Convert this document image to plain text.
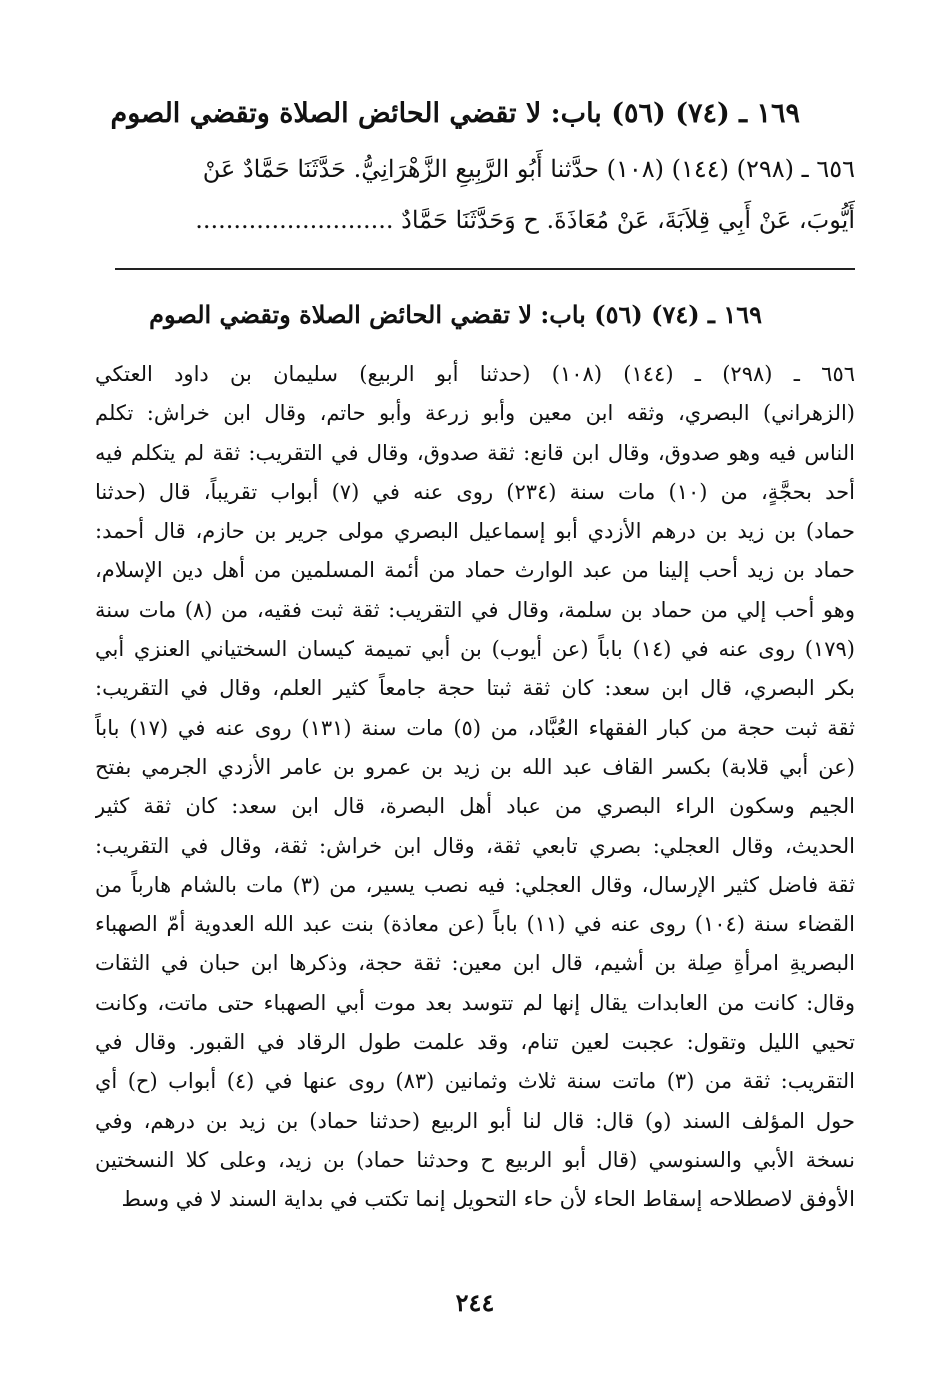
١٦٩ ـ (٧٤) (٥٦) باب: لا تقضي الحائض الصلاة وتقضي الصوم

٦٥٦ ـ (٢٩٨) (١٤٤) (١٠٨) حدَّثنا أَبُو الرَّبِيعِ الزَّهْرَانِيُّ. حَدَّثَنَا حَمَّادٌ عَنْ

أَيُّوبَ، عَنْ أَبِي قِلاَبَةَ، عَنْ مُعَاذَةَ. ح وَحَدَّثَنَا حَمَّادٌ ..........................

١٦٩ ـ (٧٤) (٥٦) باب: لا تقضي الحائض الصلاة وتقضي الصوم

٦٥٦ ـ (٢٩٨) ـ (١٤٤) (١٠٨) (حدثنا أبو الربيع) سليمان بن داود العتكي

(الزهراني) البصري، وثقه ابن معين وأبو زرعة وأبو حاتم، وقال ابن خراش: تكلم

الناس فيه وهو صدوق، وقال ابن قانع: ثقة صدوق، وقال في التقريب: ثقة لم يتكلم فيه

أحد بحجَّةٍ، من (١٠) مات سنة (٢٣٤) روى عنه في (٧) أبواب تقريباً، قال (حدثنا

حماد) بن زيد بن درهم الأزدي أبو إسماعيل البصري مولى جرير بن حازم، قال أحمد:

حماد بن زيد أحب إلينا من عبد الوارث حماد من أئمة المسلمين من أهل دين الإسلام،

وهو أحب إلي من حماد بن سلمة، وقال في التقريب: ثقة ثبت فقيه، من (٨) مات سنة

(١٧٩) روى عنه في (١٤) باباً (عن أيوب) بن أبي تميمة كيسان السختياني العنزي أبي

بكر البصري، قال ابن سعد: كان ثقة ثبتا حجة جامعاً كثير العلم، وقال في التقريب:

ثقة ثبت حجة من كبار الفقهاء العُبَّاد، من (٥) مات سنة (١٣١) روى عنه في (١٧) باباً

(عن أبي قلابة) بكسر القاف عبد الله بن زيد بن عمرو بن عامر الأزدي الجرمي بفتح

الجيم وسكون الراء البصري من عباد أهل البصرة، قال ابن سعد: كان ثقة كثير

الحديث، وقال العجلي: بصري تابعي ثقة، وقال ابن خراش: ثقة، وقال في التقريب:

ثقة فاضل كثير الإرسال، وقال العجلي: فيه نصب يسير، من (٣) مات بالشام هارباً من

القضاء سنة (١٠٤) روى عنه في (١١) باباً (عن معاذة) بنت عبد الله العدوية أمّ الصهباء

البصريةِ امرأةِ صِلة بن أشيم، قال ابن معين: ثقة حجة، وذكرها ابن حبان في الثقات

وقال: كانت من العابدات يقال إنها لم تتوسد بعد موت أبي الصهباء حتى ماتت، وكانت

تحيي الليل وتقول: عجبت لعين تنام، وقد علمت طول الرقاد في القبور. وقال في

التقريب: ثقة من (٣) ماتت سنة ثلاث وثمانين (٨٣) روى عنها في (٤) أبواب (ح) أي

حول المؤلف السند (و) قال: قال لنا أبو الربيع (حدثنا حماد) بن زيد بن درهم، وفي

نسخة الأبي والسنوسي (قال أبو الربيع ح وحدثنا حماد) بن زيد، وعلى كلا النسختين

الأوفق لاصطلاحه إسقاط الحاء لأن حاء التحويل إنما تكتب في بداية السند لا في وسط

٢٤٤
